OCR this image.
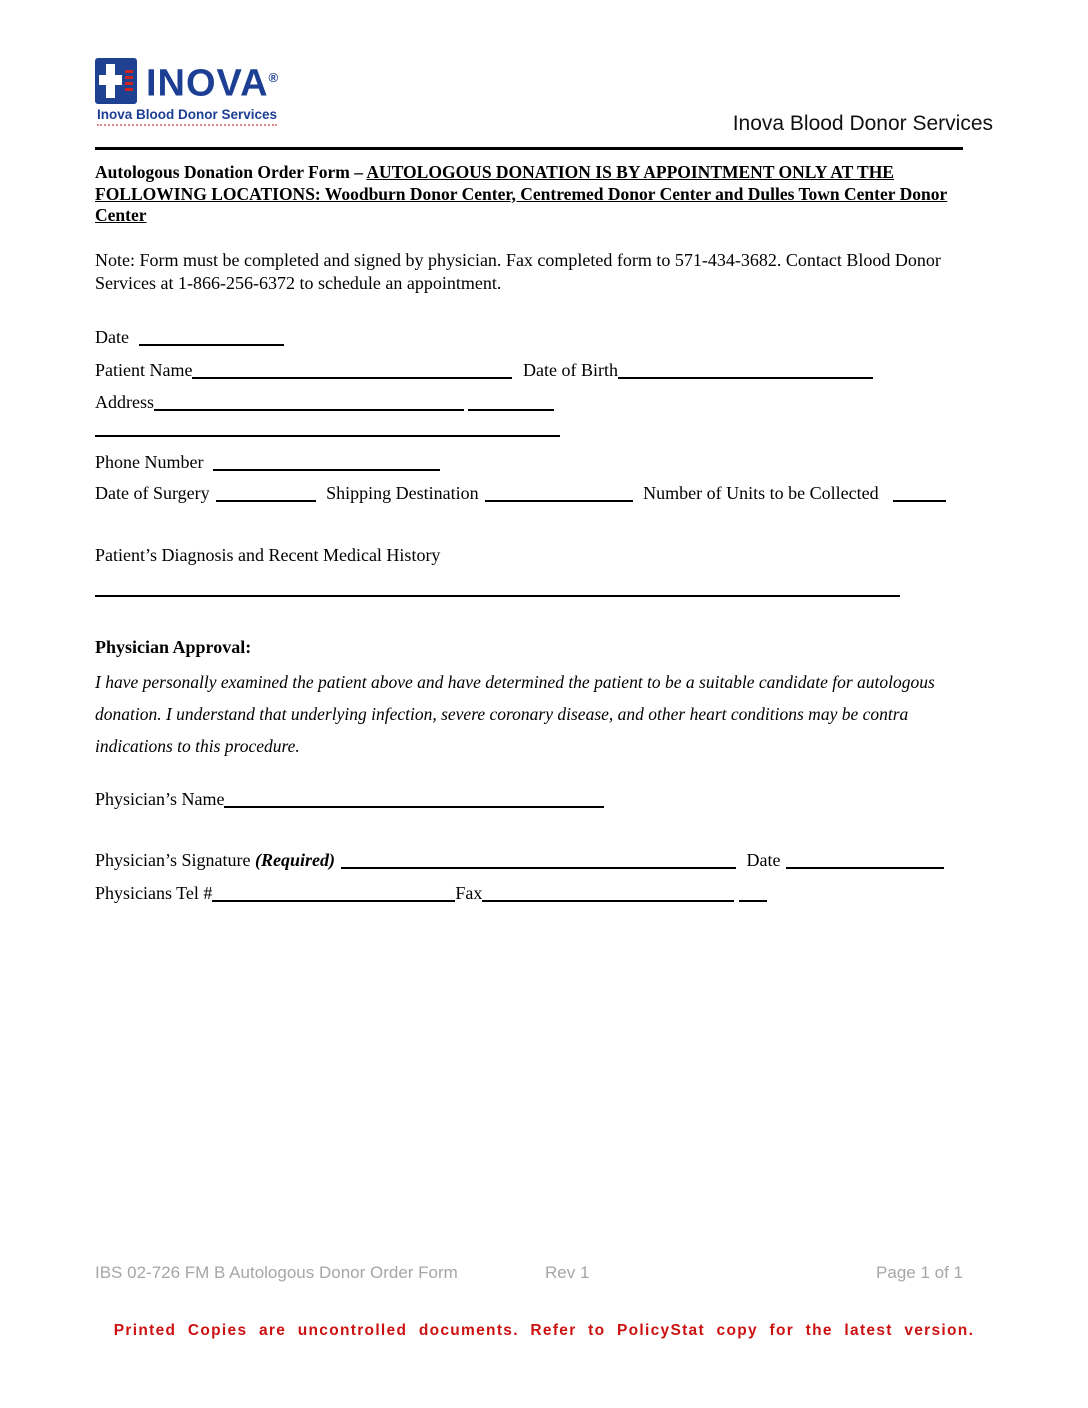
INOVA®
Inova Blood Donor Services	Inova Blood Donor Services
Autologous Donation Order Form – AUTOLOGOUS DONATION IS BY APPOINTMENT ONLY AT THE FOLLOWING LOCATIONS: Woodburn Donor Center, Centremed Donor Center and Dulles Town Center Donor Center
Note: Form must be completed and signed by physician. Fax completed form to 571-434-3682. Contact Blood Donor Services at 1-866-256-6372 to schedule an appointment.
Date
Patient Name	Date of Birth
Address
Phone Number
Date of Surgery	Shipping Destination	Number of Units to be Collected
Patient’s Diagnosis and Recent Medical History
Physician Approval:
I have personally examined the patient above and have determined the patient to be a suitable candidate for autologous donation. I understand that underlying infection, severe coronary disease, and other heart conditions may be contra indications to this procedure.
Physician’s Name
Physician’s Signature (Required)	Date
Physicians Tel #	Fax
IBS 02-726 FM B Autologous Donor Order Form	Rev 1	Page 1 of 1
Printed Copies are uncontrolled documents. Refer to PolicyStat copy for the latest version.
